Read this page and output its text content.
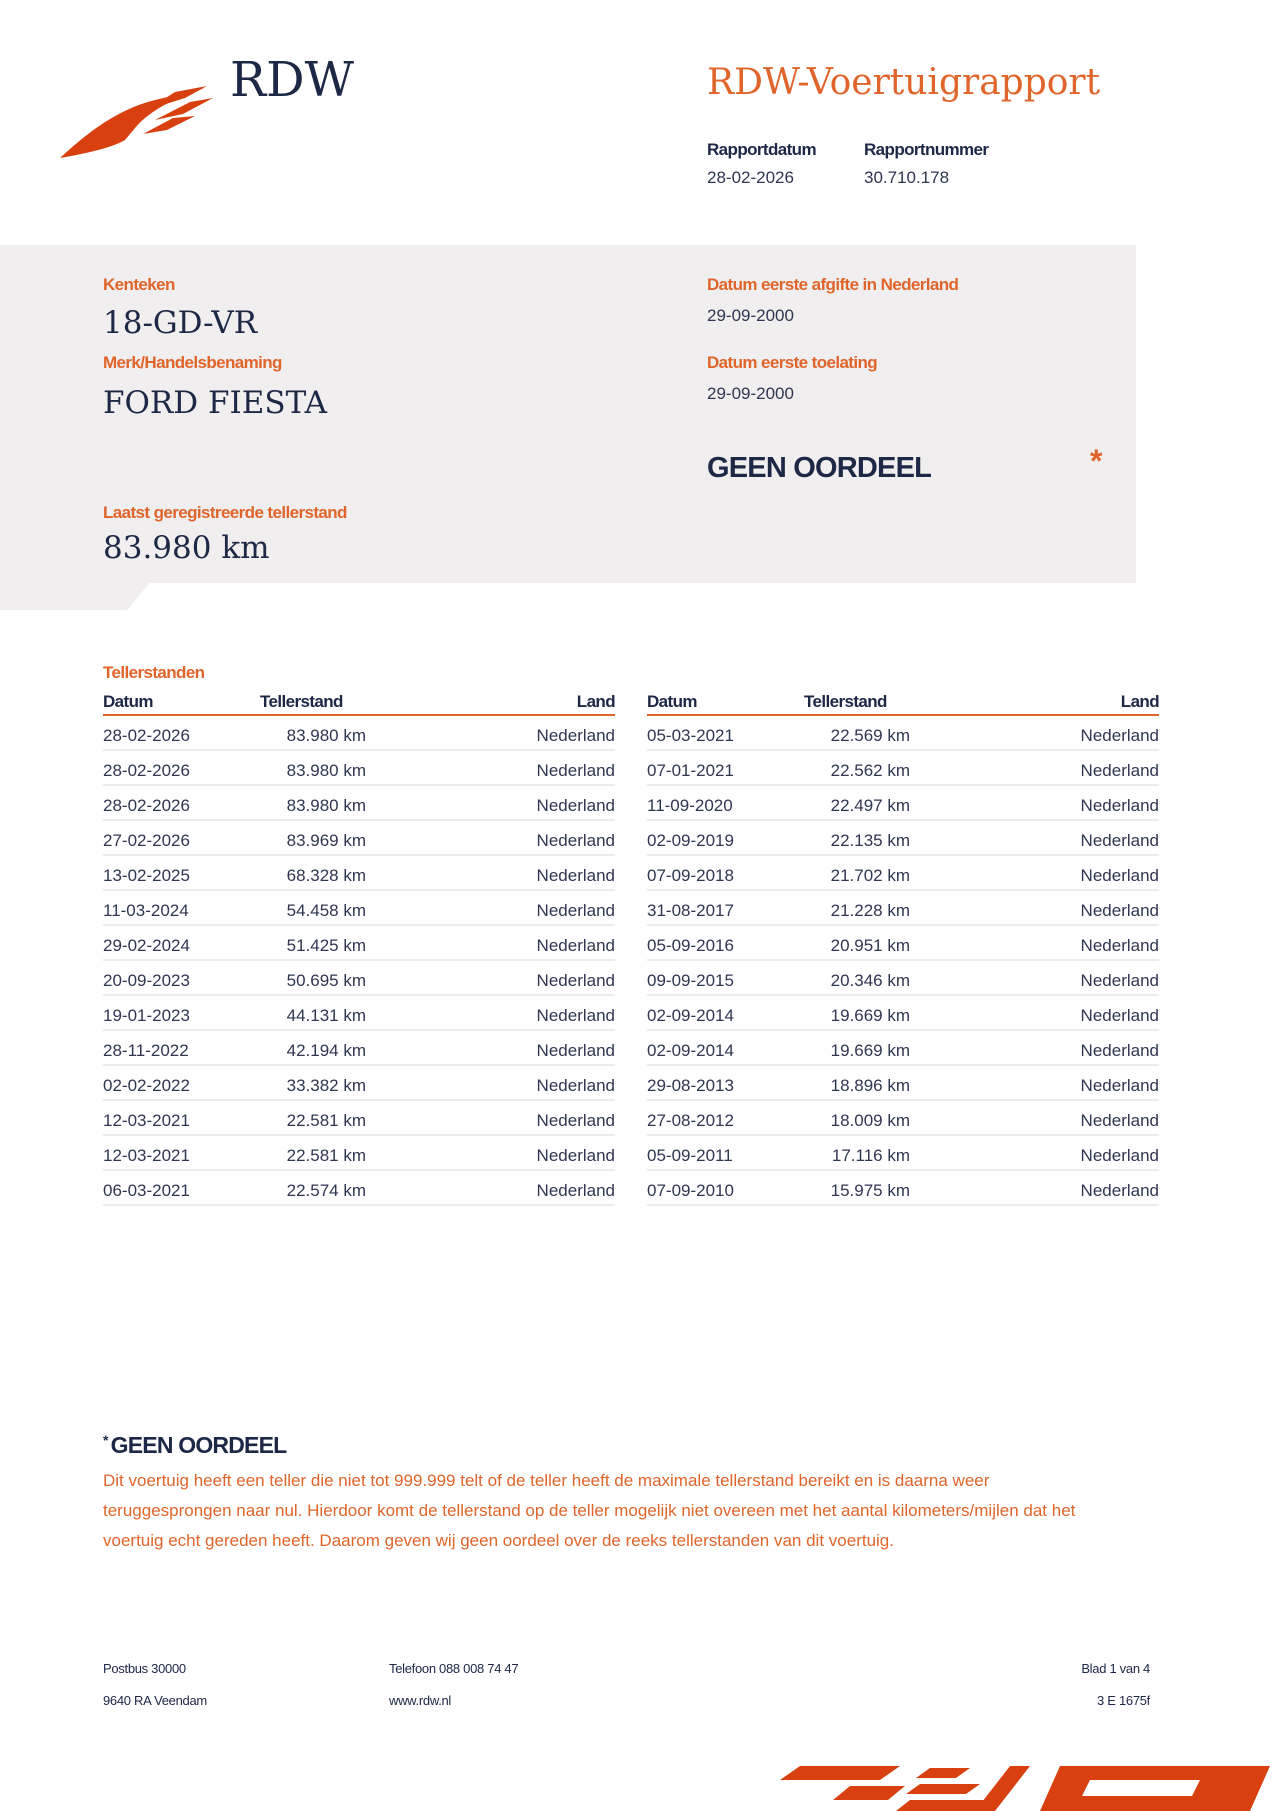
RDW	RDW-Voertuigrapport
Rapportdatum
28-02-2026
Rapportnummer
30.710.178
Kenteken
18-GD-VR
Merk/Handelsbenaming
FORD FIESTA
Laatst geregistreerde tellerstand
83.980 km
Datum eerste afgifte in Nederland
29-09-2000
Datum eerste toelating
29-09-2000
GEEN OORDEEL	*
Tellerstanden
Datum	Tellerstand	Land
28-02-2026	83.980 km	Nederland
28-02-2026	83.980 km	Nederland
28-02-2026	83.980 km	Nederland
27-02-2026	83.969 km	Nederland
13-02-2025	68.328 km	Nederland
11-03-2024	54.458 km	Nederland
29-02-2024	51.425 km	Nederland
20-09-2023	50.695 km	Nederland
19-01-2023	44.131 km	Nederland
28-11-2022	42.194 km	Nederland
02-02-2022	33.382 km	Nederland
12-03-2021	22.581 km	Nederland
12-03-2021	22.581 km	Nederland
06-03-2021	22.574 km	Nederland
Datum	Tellerstand	Land
05-03-2021	22.569 km	Nederland
07-01-2021	22.562 km	Nederland
11-09-2020	22.497 km	Nederland
02-09-2019	22.135 km	Nederland
07-09-2018	21.702 km	Nederland
31-08-2017	21.228 km	Nederland
05-09-2016	20.951 km	Nederland
09-09-2015	20.346 km	Nederland
02-09-2014	19.669 km	Nederland
02-09-2014	19.669 km	Nederland
29-08-2013	18.896 km	Nederland
27-08-2012	18.009 km	Nederland
05-09-2011	17.116 km	Nederland
07-09-2010	15.975 km	Nederland
* GEEN OORDEEL
Dit voertuig heeft een teller die niet tot 999.999 telt of de teller heeft de maximale tellerstand bereikt en is daarna weer teruggesprongen naar nul. Hierdoor komt de tellerstand op de teller mogelijk niet overeen met het aantal kilometers/mijlen dat het voertuig echt gereden heeft. Daarom geven wij geen oordeel over de reeks tellerstanden van dit voertuig.
Postbus 30000
9640 RA Veendam
Telefoon 088 008 74 47
www.rdw.nl
Blad 1 van 4
3 E 1675f
